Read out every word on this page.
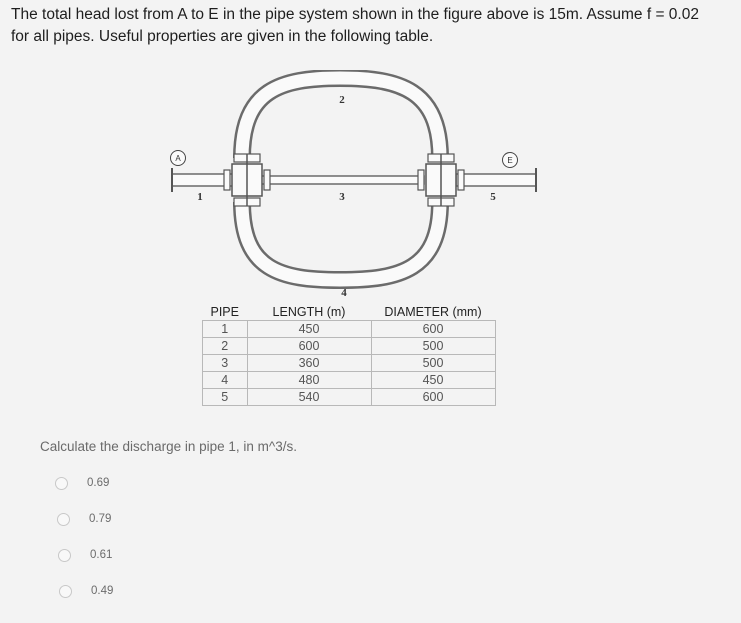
The total head lost from A to E in the pipe system shown in the figure above is 15m. Assume f = 0.02 for all pipes. Useful properties are given in the following table.

A	E
1
2
3
4
5
PIPE	LENGTH (m)	DIAMETER (mm)
1	450	600
2	600	500
3	360	500
4	480	450
5	540	600

Calculate the discharge in pipe 1, in m^3/s.

0.69
0.79
0.61
0.49
